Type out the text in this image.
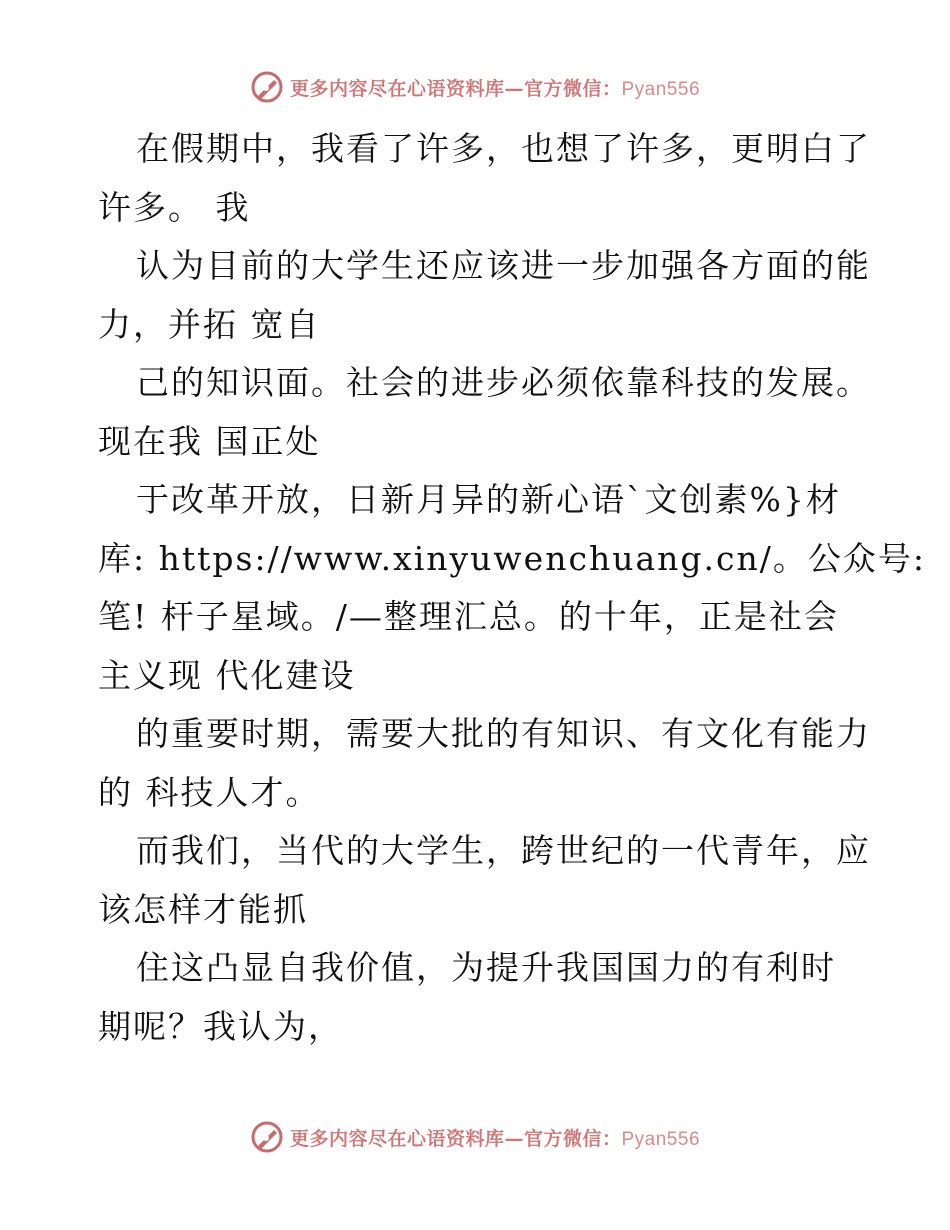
更多内容尽在心语资料库—官方微信：Pyan556
在假期中，我看了许多，也想了许多，更明白了
许多。 我
认为目前的大学生还应该进一步加强各方面的能
力，并拓 宽自
己的知识面。社会的进步必须依靠科技的发展。
现在我 国正处
于改革开放，日新月异的新心语`文创素%}材
库: https://www.xinyuwenchuang.cn/。公众号:
笔! 杆子星域。/—整理汇总。的十年，正是社会
主义现 代化建设
的重要时期，需要大批的有知识、有文化有能力
的 科技人才。
而我们，当代的大学生，跨世纪的一代青年，应
该怎样才能抓
住这凸显自我价值，为提升我国国力的有利时
期呢？我认为，
更多内容尽在心语资料库—官方微信：Pyan556
